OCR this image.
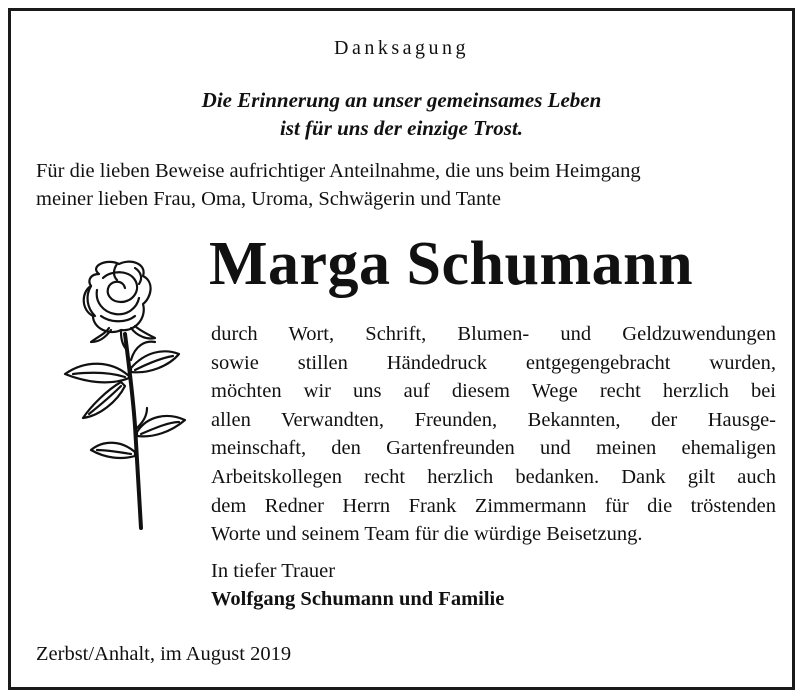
Danksagung
Die Erinnerung an unser gemeinsames Leben
ist für uns der einzige Trost.
Für die lieben Beweise aufrichtiger Anteilnahme, die uns beim Heimgang
meiner lieben Frau, Oma, Uroma, Schwägerin und Tante
Marga Schumann
durch Wort, Schrift, Blumen- und Geldzuwendungen
sowie stillen Händedruck entgegengebracht wurden,
möchten wir uns auf diesem Wege recht herzlich bei
allen Verwandten, Freunden, Bekannten, der Hausge-
meinschaft, den Gartenfreunden und meinen ehemaligen
Arbeitskollegen recht herzlich bedanken. Dank gilt auch
dem Redner Herrn Frank Zimmermann für die tröstenden
Worte und seinem Team für die würdige Beisetzung.
In tiefer Trauer
Wolfgang Schumann und Familie
Zerbst/Anhalt, im August 2019
